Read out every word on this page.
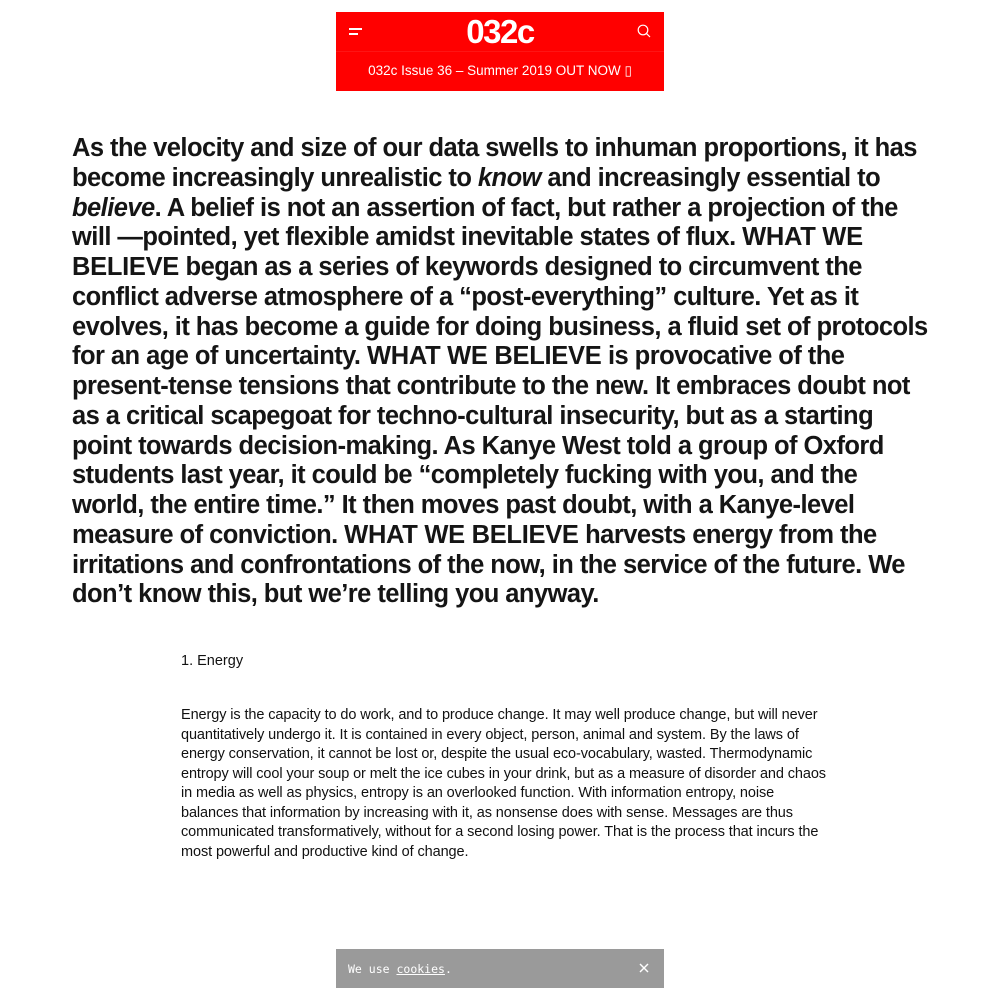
032c
032c Issue 36 – Summer 2019 OUT NOW ▯

As the velocity and size of our data swells to inhuman proportions, it has become increasingly unrealistic to know and increasingly essential to believe. A belief is not an assertion of fact, but rather a projection of the will —pointed, yet flexible amidst inevitable states of flux. WHAT WE BELIEVE began as a series of keywords designed to circumvent the conflict adverse atmosphere of a “post-everything” culture. Yet as it evolves, it has become a guide for doing business, a fluid set of protocols for an age of uncertainty. WHAT WE BELIEVE is provocative of the present-tense tensions that contribute to the new. It embraces doubt not as a critical scapegoat for techno-cultural insecurity, but as a starting point towards decision-making. As Kanye West told a group of Oxford students last year, it could be “completely fucking with you, and the world, the entire time.” It then moves past doubt, with a Kanye-level measure of conviction. WHAT WE BELIEVE harvests energy from the irritations and confrontations of the now, in the service of the future. We don’t know this, but we’re telling you anyway.

1. Energy

Energy is the capacity to do work, and to produce change. It may well produce change, but will never quantitatively undergo it. It is contained in every object, person, animal and system. By the laws of energy conservation, it cannot be lost or, despite the usual eco-vocabulary, wasted. Thermodynamic entropy will cool your soup or melt the ice cubes in your drink, but as a measure of disorder and chaos in media as well as physics, entropy is an overlooked function. With information entropy, noise balances that information by increasing with it, as nonsense does with sense. Messages are thus communicated transformatively, without for a second losing power. That is the process that incurs the most powerful and productive kind of change.

We use cookies.
